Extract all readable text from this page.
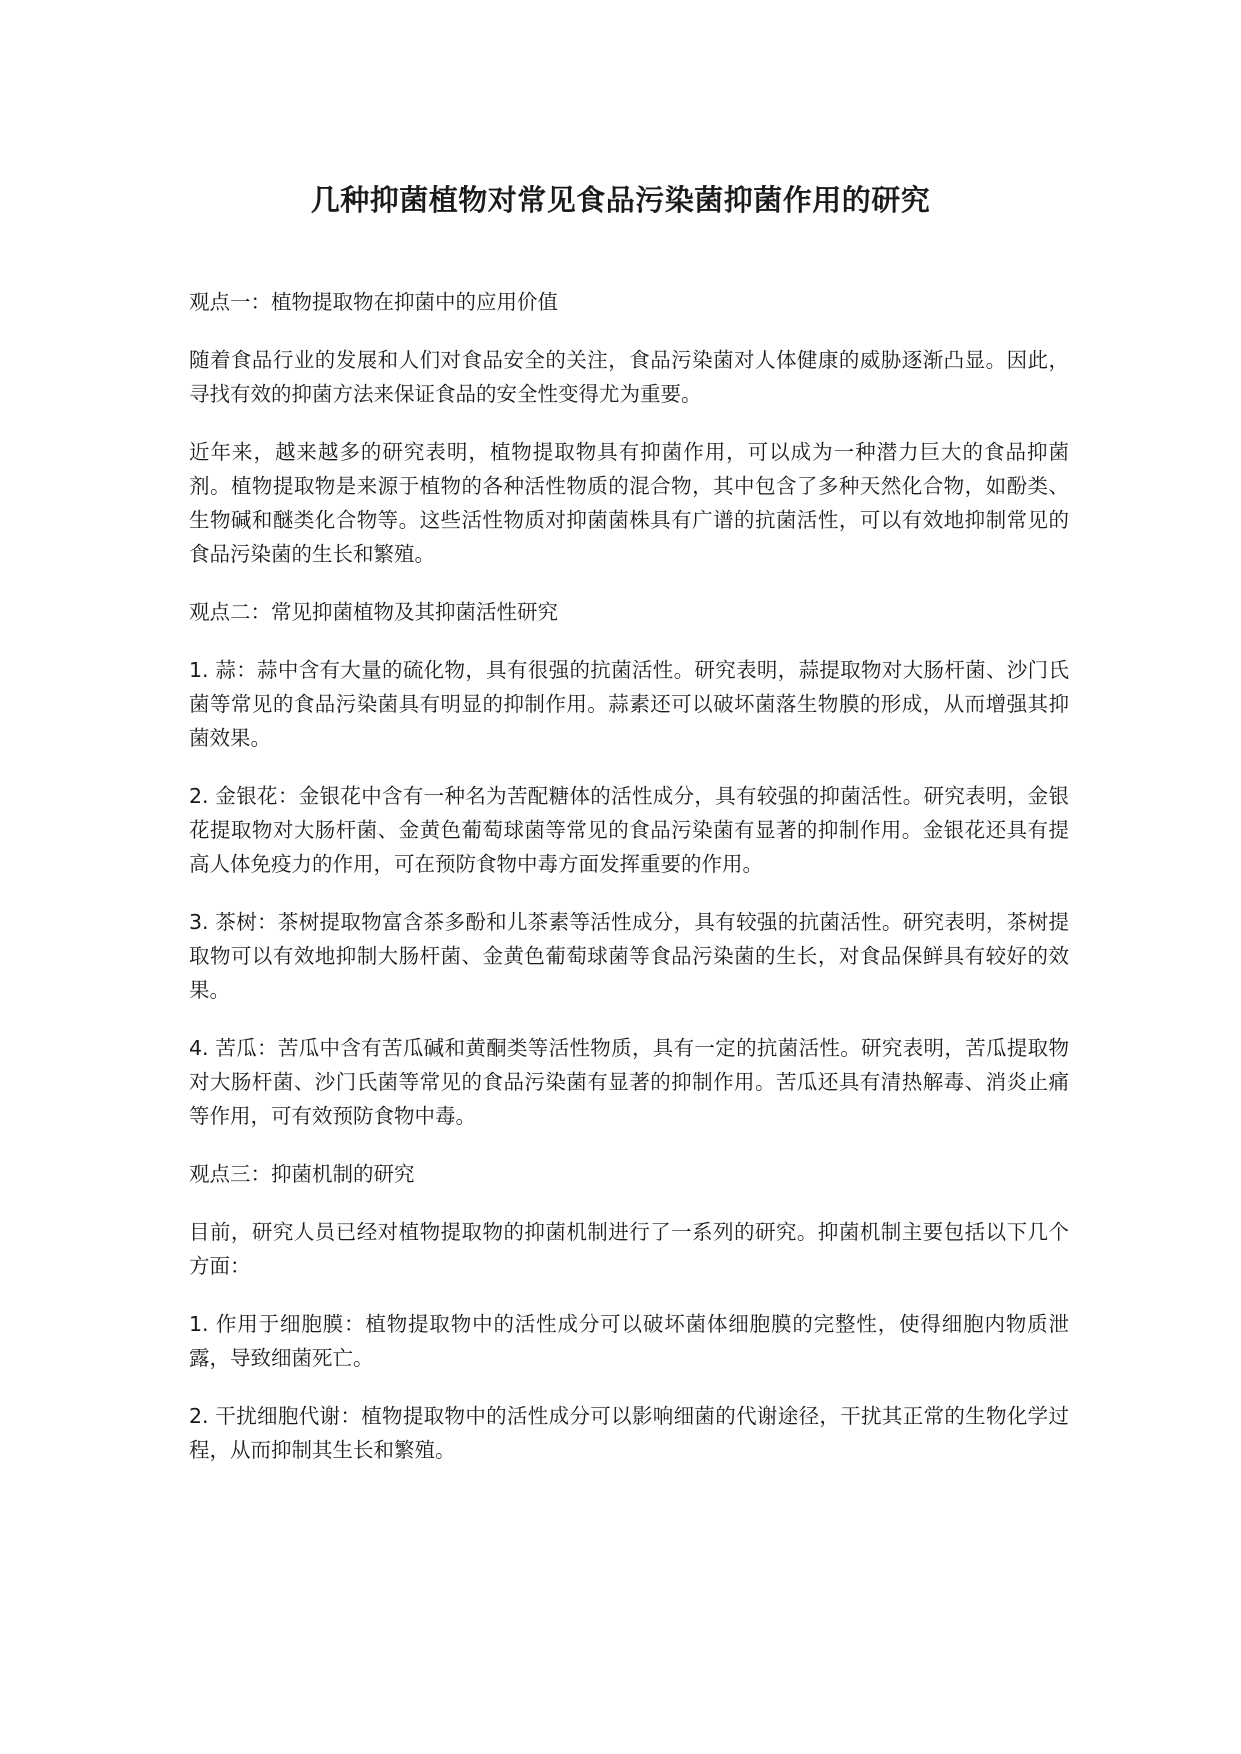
几种抑菌植物对常见食品污染菌抑菌作用的研究

观点一：植物提取物在抑菌中的应用价值

随着食品行业的发展和人们对食品安全的关注，食品污染菌对人体健康的威胁逐渐凸显。因此，寻找有效的抑菌方法来保证食品的安全性变得尤为重要。

近年来，越来越多的研究表明，植物提取物具有抑菌作用，可以成为一种潜力巨大的食品抑菌剂。植物提取物是来源于植物的各种活性物质的混合物，其中包含了多种天然化合物，如酚类、生物碱和醚类化合物等。这些活性物质对抑菌菌株具有广谱的抗菌活性，可以有效地抑制常见的食品污染菌的生长和繁殖。

观点二：常见抑菌植物及其抑菌活性研究

1. 蒜：蒜中含有大量的硫化物，具有很强的抗菌活性。研究表明，蒜提取物对大肠杆菌、沙门氏菌等常见的食品污染菌具有明显的抑制作用。蒜素还可以破坏菌落生物膜的形成，从而增强其抑菌效果。

2. 金银花：金银花中含有一种名为苦配糖体的活性成分，具有较强的抑菌活性。研究表明，金银花提取物对大肠杆菌、金黄色葡萄球菌等常见的食品污染菌有显著的抑制作用。金银花还具有提高人体免疫力的作用，可在预防食物中毒方面发挥重要的作用。

3. 茶树：茶树提取物富含茶多酚和儿茶素等活性成分，具有较强的抗菌活性。研究表明，茶树提取物可以有效地抑制大肠杆菌、金黄色葡萄球菌等食品污染菌的生长，对食品保鲜具有较好的效果。

4. 苦瓜：苦瓜中含有苦瓜碱和黄酮类等活性物质，具有一定的抗菌活性。研究表明，苦瓜提取物对大肠杆菌、沙门氏菌等常见的食品污染菌有显著的抑制作用。苦瓜还具有清热解毒、消炎止痛等作用，可有效预防食物中毒。

观点三：抑菌机制的研究

目前，研究人员已经对植物提取物的抑菌机制进行了一系列的研究。抑菌机制主要包括以下几个方面：

1. 作用于细胞膜：植物提取物中的活性成分可以破坏菌体细胞膜的完整性，使得细胞内物质泄露，导致细菌死亡。

2. 干扰细胞代谢：植物提取物中的活性成分可以影响细菌的代谢途径，干扰其正常的生物化学过程，从而抑制其生长和繁殖。
